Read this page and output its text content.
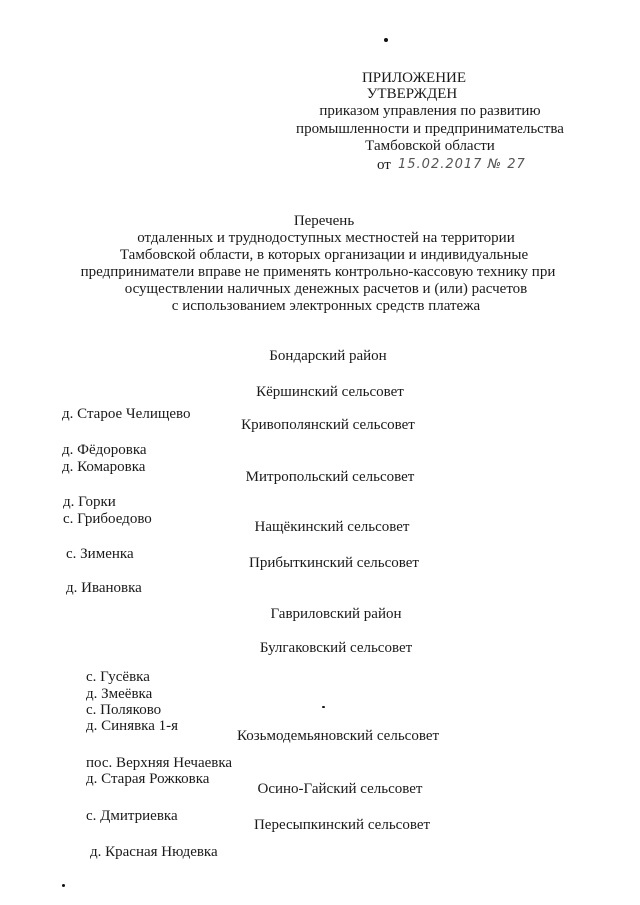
ПРИЛОЖЕНИЕ
УТВЕРЖДЕН
приказом управления по развитию
промышленности и предпринимательства
Тамбовской области
от 15.02.2017 № 27
Перечень
отдаленных и труднодоступных местностей на территории
Тамбовской области, в которых организации и индивидуальные
предприниматели вправе не применять контрольно-кассовую технику при
осуществлении наличных денежных расчетов и (или) расчетов
с использованием электронных средств платежа
Бондарский район
Кёршинский сельсовет
д. Старое Челищево
Кривополянский сельсовет
д. Фёдоровка
д. Комаровка
Митропольский сельсовет
д. Горки
с. Грибоедово	Нащёкинский сельсовет
с. Зименка
Прибыткинский сельсовет
д. Ивановка
Гавриловский район
Булгаковский сельсовет
с. Гусёвка
д. Змеёвка
с. Поляково
д. Синявка 1-я
Козьмодемьяновский сельсовет
пос. Верхняя Нечаевка
д. Старая Рожковка
Осино-Гайский сельсовет
с. Дмитриевка
Пересыпкинский сельсовет
д. Красная Нюдевка
